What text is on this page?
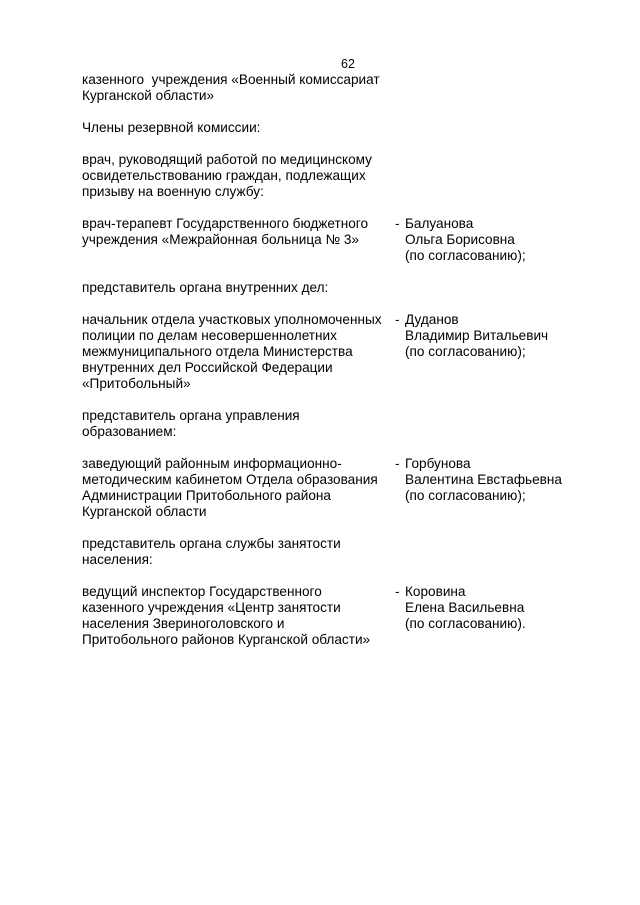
62
казенного  учреждения «Военный комиссариат
Курганской области»
Члены резервной комиссии:
врач, руководящий работой по медицинскому
освидетельствованию граждан, подлежащих
призыву на военную службу:
врач-терапевт Государственного бюджетного
учреждения «Межрайонная больница № 3»
- Балуанова
Ольга Борисовна
(по согласованию);
представитель органа внутренних дел:
начальник отдела участковых уполномоченных
полиции по делам несовершеннолетних
межмуниципального отдела Министерства
внутренних дел Российской Федерации
«Притобольный»
- Дуданов
Владимир Витальевич
(по согласованию);
представитель органа управления
образованием:
заведующий районным информационно-
методическим кабинетом Отдела образования
Администрации Притобольного района
Курганской области
- Горбунова
Валентина Евстафьевна
(по согласованию);
представитель органа службы занятости
населения:
ведущий инспектор Государственного
казенного учреждения «Центр занятости
населения Звериноголовского и
Притобольного районов Курганской области»
- Коровина
Елена Васильевна
(по согласованию).
